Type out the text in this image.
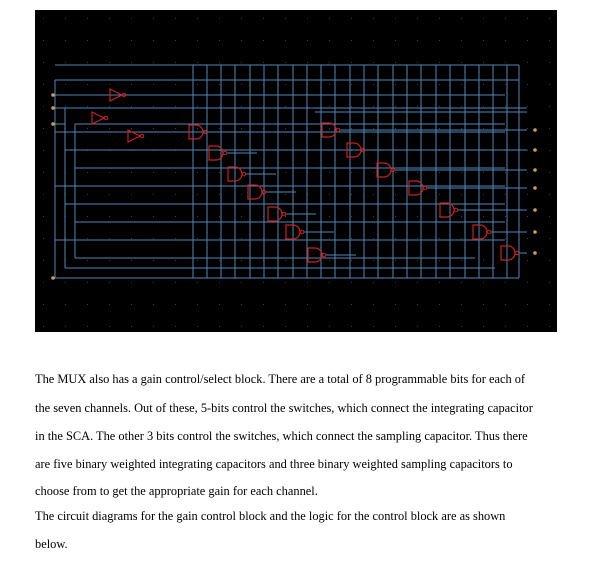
The MUX also has a gain control/select block. There are a total of 8 programmable bits for each of
the seven channels. Out of these, 5-bits control the switches, which connect the integrating capacitor
in the SCA. The other 3 bits control the switches, which connect the sampling capacitor. Thus there
are five binary weighted integrating capacitors and three binary weighted sampling capacitors to
choose from to get the appropriate gain for each channel.
The circuit diagrams for the gain control block and the logic for the control block are as shown
below.
